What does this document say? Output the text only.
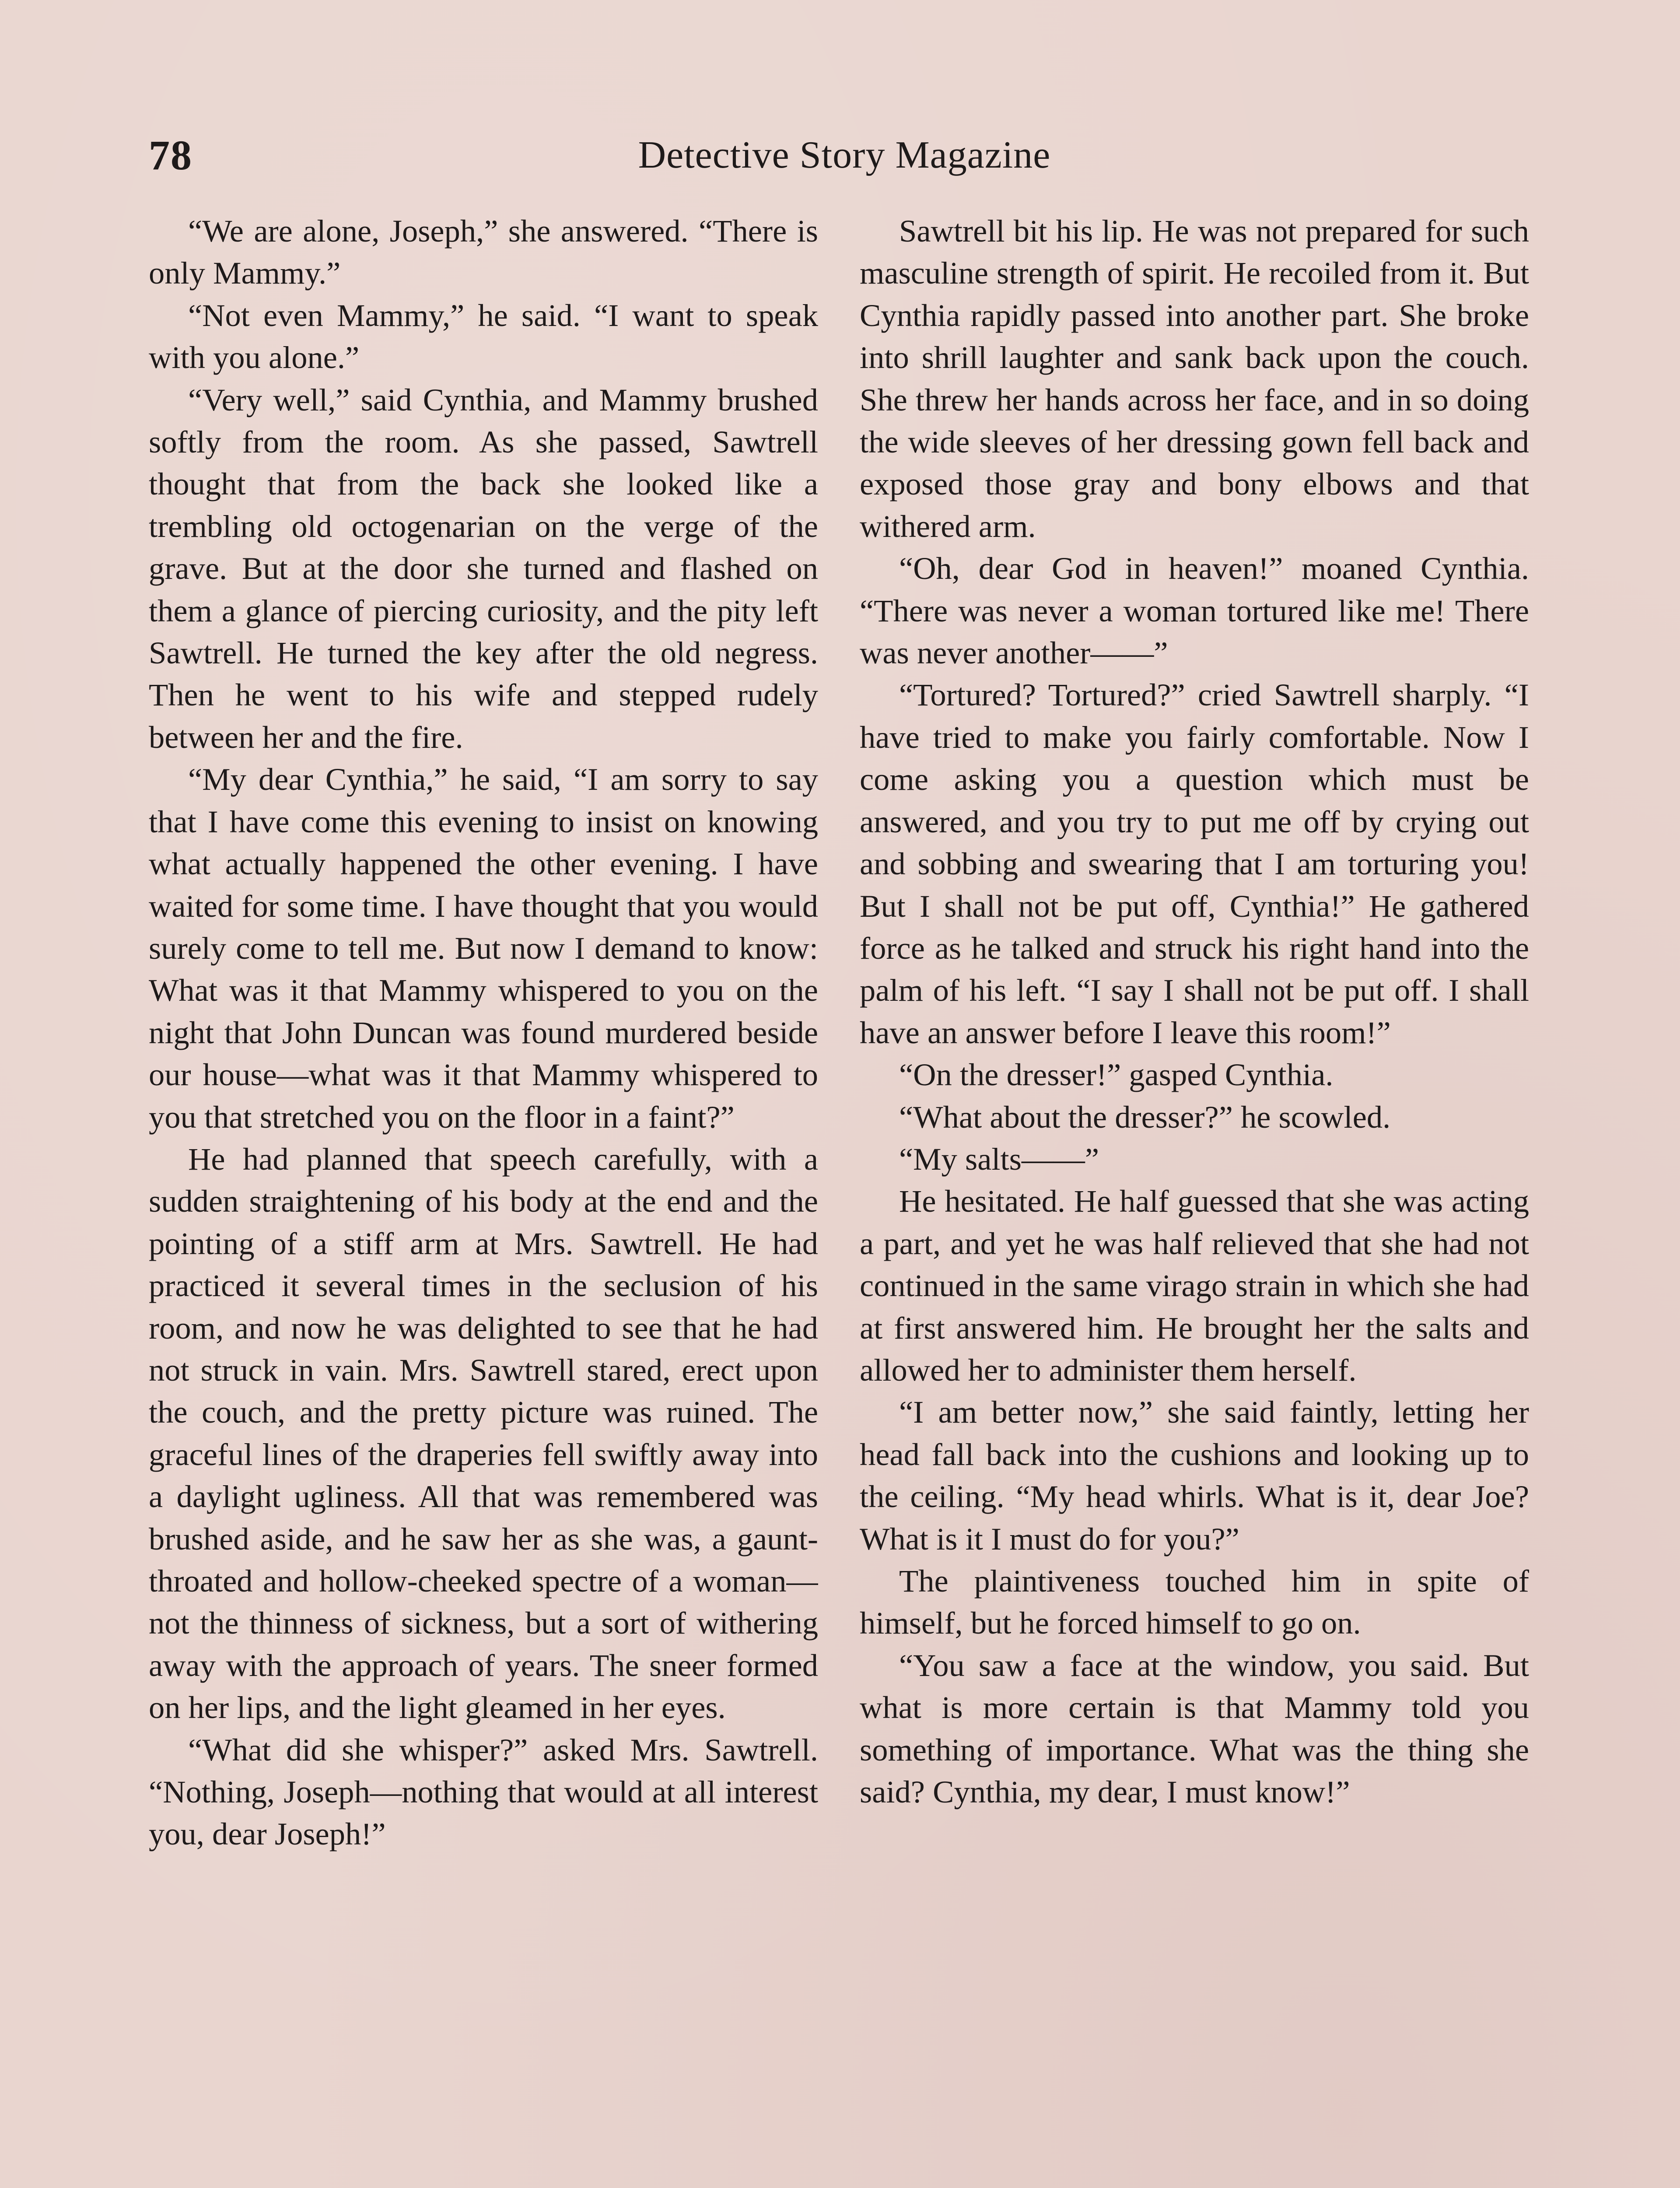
78	Detective Story Magazine

“We are alone, Joseph,” she answered. “There is only Mammy.”

“Not even Mammy,” he said. “I want to speak with you alone.”

“Very well,” said Cynthia, and Mammy brushed softly from the room. As she passed, Sawtrell thought that from the back she looked like a trembling old octogenarian on the verge of the grave. But at the door she turned and flashed on them a glance of piercing curiosity, and the pity left Sawtrell. He turned the key after the old negress. Then he went to his wife and stepped rudely between her and the fire.

“My dear Cynthia,” he said, “I am sorry to say that I have come this evening to insist on knowing what actually happened the other evening. I have waited for some time. I have thought that you would surely come to tell me. But now I demand to know: What was it that Mammy whispered to you on the night that John Duncan was found murdered beside our house—what was it that Mammy whispered to you that stretched you on the floor in a faint?”

He had planned that speech carefully, with a sudden straightening of his body at the end and the pointing of a stiff arm at Mrs. Sawtrell. He had practiced it several times in the seclusion of his room, and now he was delighted to see that he had not struck in vain. Mrs. Sawtrell stared, erect upon the couch, and the pretty picture was ruined. The graceful lines of the draperies fell swiftly away into a daylight ugliness. All that was remembered was brushed aside, and he saw her as she was, a gaunt-throated and hollow-cheeked spectre of a woman—not the thinness of sickness, but a sort of withering away with the approach of years. The sneer formed on her lips, and the light gleamed in her eyes.

“What did she whisper?” asked Mrs. Sawtrell. “Nothing, Joseph—nothing that would at all interest you, dear Joseph!”

Sawtrell bit his lip. He was not prepared for such masculine strength of spirit. He recoiled from it. But Cynthia rapidly passed into another part. She broke into shrill laughter and sank back upon the couch. She threw her hands across her face, and in so doing the wide sleeves of her dressing gown fell back and exposed those gray and bony elbows and that withered arm.

“Oh, dear God in heaven!” moaned Cynthia. “There was never a woman tortured like me! There was never another——”

“Tortured? Tortured?” cried Sawtrell sharply. “I have tried to make you fairly comfortable. Now I come asking you a question which must be answered, and you try to put me off by crying out and sobbing and swearing that I am torturing you! But I shall not be put off, Cynthia!” He gathered force as he talked and struck his right hand into the palm of his left. “I say I shall not be put off. I shall have an answer before I leave this room!”

“On the dresser!” gasped Cynthia.

“What about the dresser?” he scowled.

“My salts——”

He hesitated. He half guessed that she was acting a part, and yet he was half relieved that she had not continued in the same virago strain in which she had at first answered him. He brought her the salts and allowed her to administer them herself.

“I am better now,” she said faintly, letting her head fall back into the cushions and looking up to the ceiling. “My head whirls. What is it, dear Joe? What is it I must do for you?”

The plaintiveness touched him in spite of himself, but he forced himself to go on.

“You saw a face at the window, you said. But what is more certain is that Mammy told you something of importance. What was the thing she said? Cynthia, my dear, I must know!”
